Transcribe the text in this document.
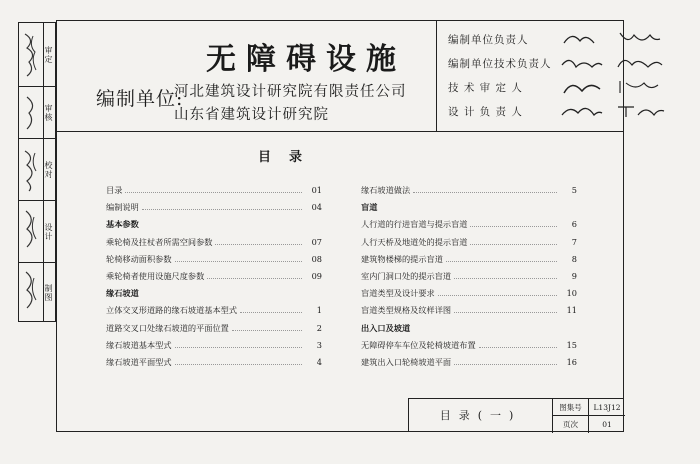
审定
审核
校对
设计
制图
无障碍设施
编制单位:
河北建筑设计研究院有限责任公司
山东省建筑设计研究院
编制单位负责人
编制单位技术负责人
技 术 审 定 人
设 计 负 责 人
目录
目录	01
编制说明	04
基本参数
乘轮椅及拄杖者所需空间参数	07
轮椅移动面积参数	08
乘轮椅者使用设施尺度参数	09
缘石坡道
立体交叉形道路的缘石坡道基本型式	1
道路交叉口处缘石坡道的平面位置	2
缘石坡道基本型式	3
缘石坡道平面型式	4
缘石坡道做法	5
盲道
人行道的行进盲道与提示盲道	6
人行天桥及地道处的提示盲道	7
建筑物楼梯的提示盲道	8
室内门洞口处的提示盲道	9
盲道类型及设计要求	10
盲道类型规格及纹样详图	11
出入口及坡道
无障碍停车车位及轮椅坡道布置	15
建筑出入口轮椅坡道平面	16
目录(一)
图集号	L13J12
页次	01
